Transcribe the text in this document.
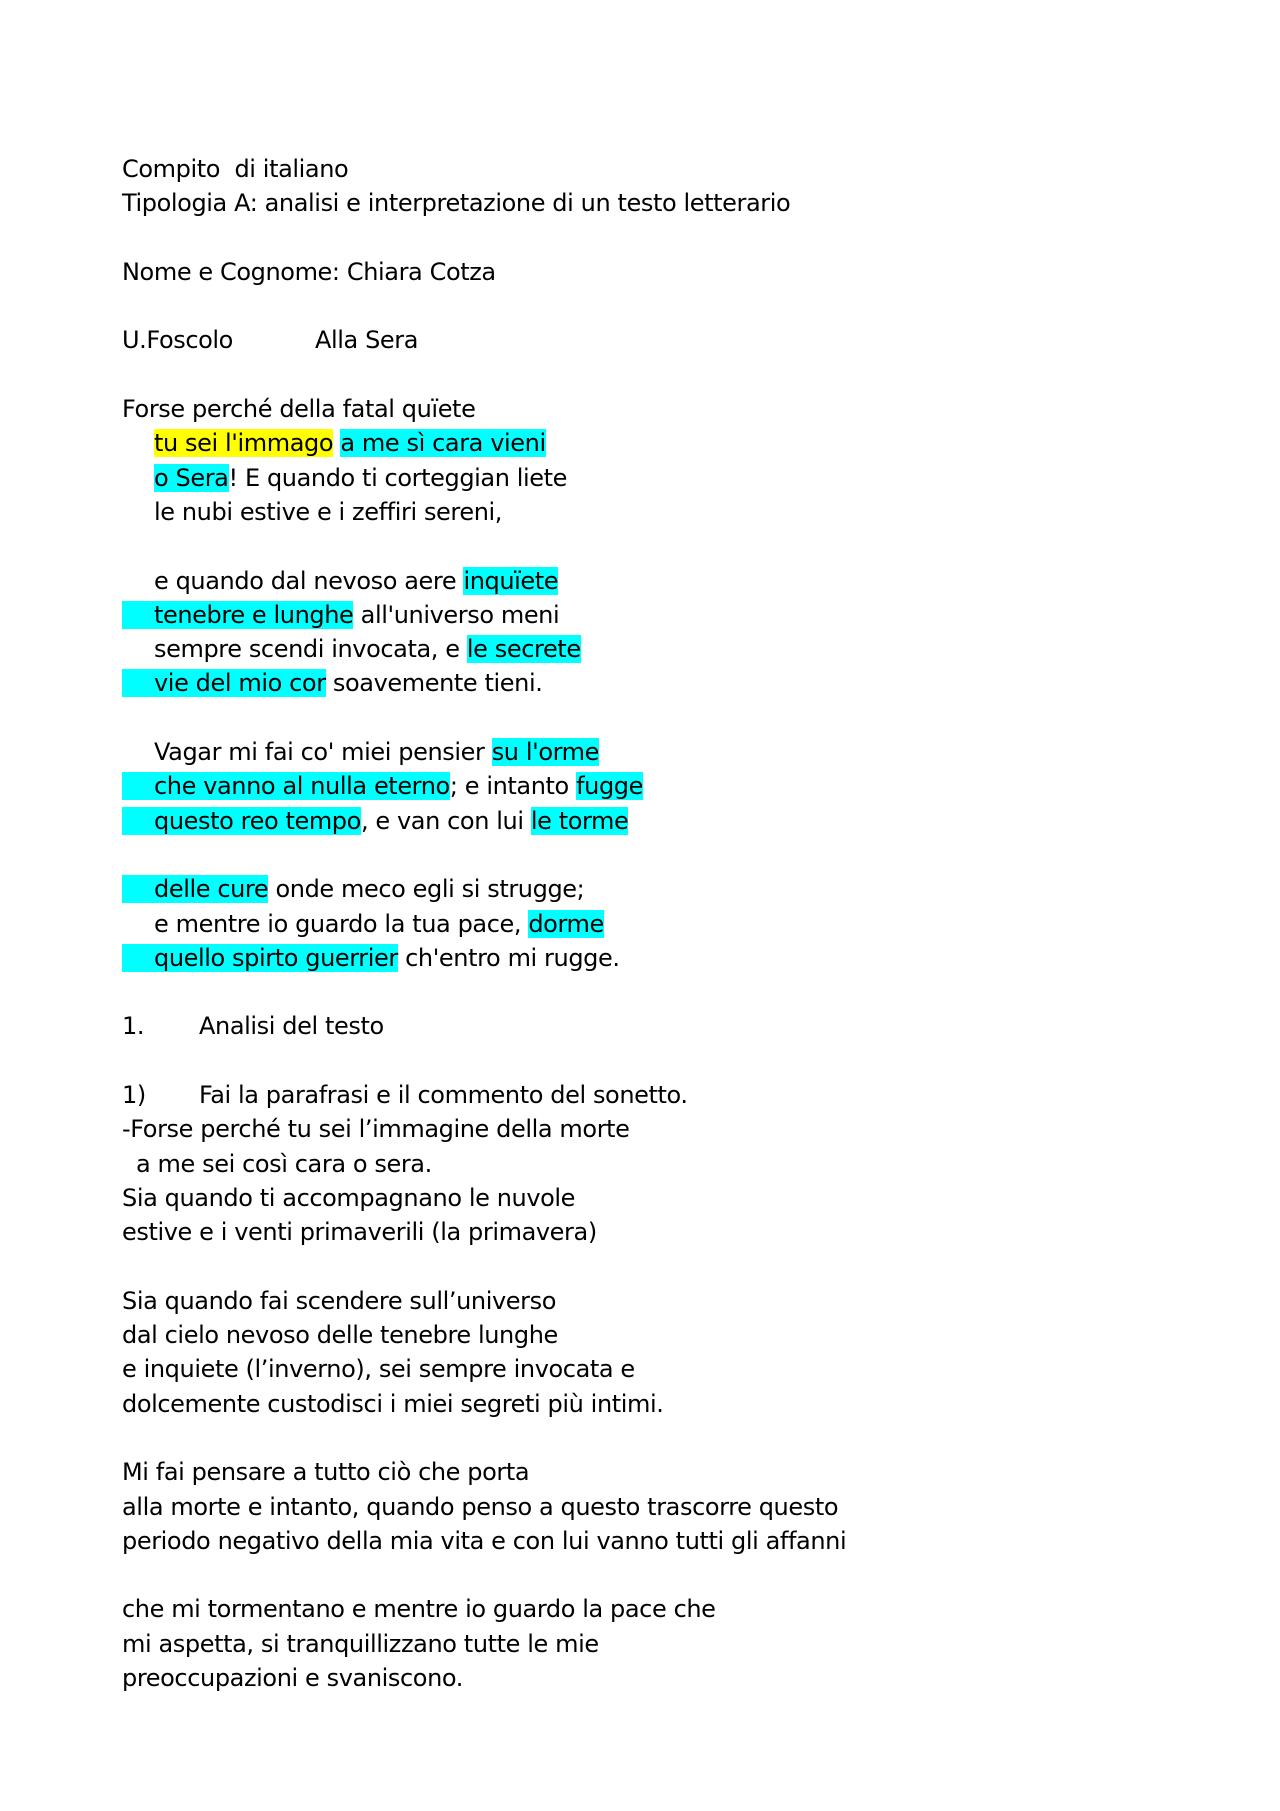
Compito  di italiano
Tipologia A: analisi e interpretazione di un testo letterario
Nome e Cognome: Chiara Cotza
U.Foscolo	Alla Sera
Forse perché della fatal quïete
tu sei l'immago a me sì cara vieni
o Sera! E quando ti corteggian liete
le nubi estive e i zeffiri sereni,
e quando dal nevoso aere inquïete
tenebre e lunghe all'universo meni
sempre scendi invocata, e le secrete
vie del mio cor soavemente tieni.
Vagar mi fai co' miei pensier su l'orme
che vanno al nulla eterno; e intanto fugge
questo reo tempo, e van con lui le torme
delle cure onde meco egli si strugge;
e mentre io guardo la tua pace, dorme
quello spirto guerrier ch'entro mi rugge.
1. Analisi del testo
1) Fai la parafrasi e il commento del sonetto.
-Forse perché tu sei l’immagine della morte
a me sei così cara o sera.
Sia quando ti accompagnano le nuvole
estive e i venti primaverili (la primavera)
Sia quando fai scendere sull’universo
dal cielo nevoso delle tenebre lunghe
e inquiete (l’inverno), sei sempre invocata e
dolcemente custodisci i miei segreti più intimi.
Mi fai pensare a tutto ciò che porta
alla morte e intanto, quando penso a questo trascorre questo
periodo negativo della mia vita e con lui vanno tutti gli affanni
che mi tormentano e mentre io guardo la pace che
mi aspetta, si tranquillizzano tutte le mie
preoccupazioni e svaniscono.
